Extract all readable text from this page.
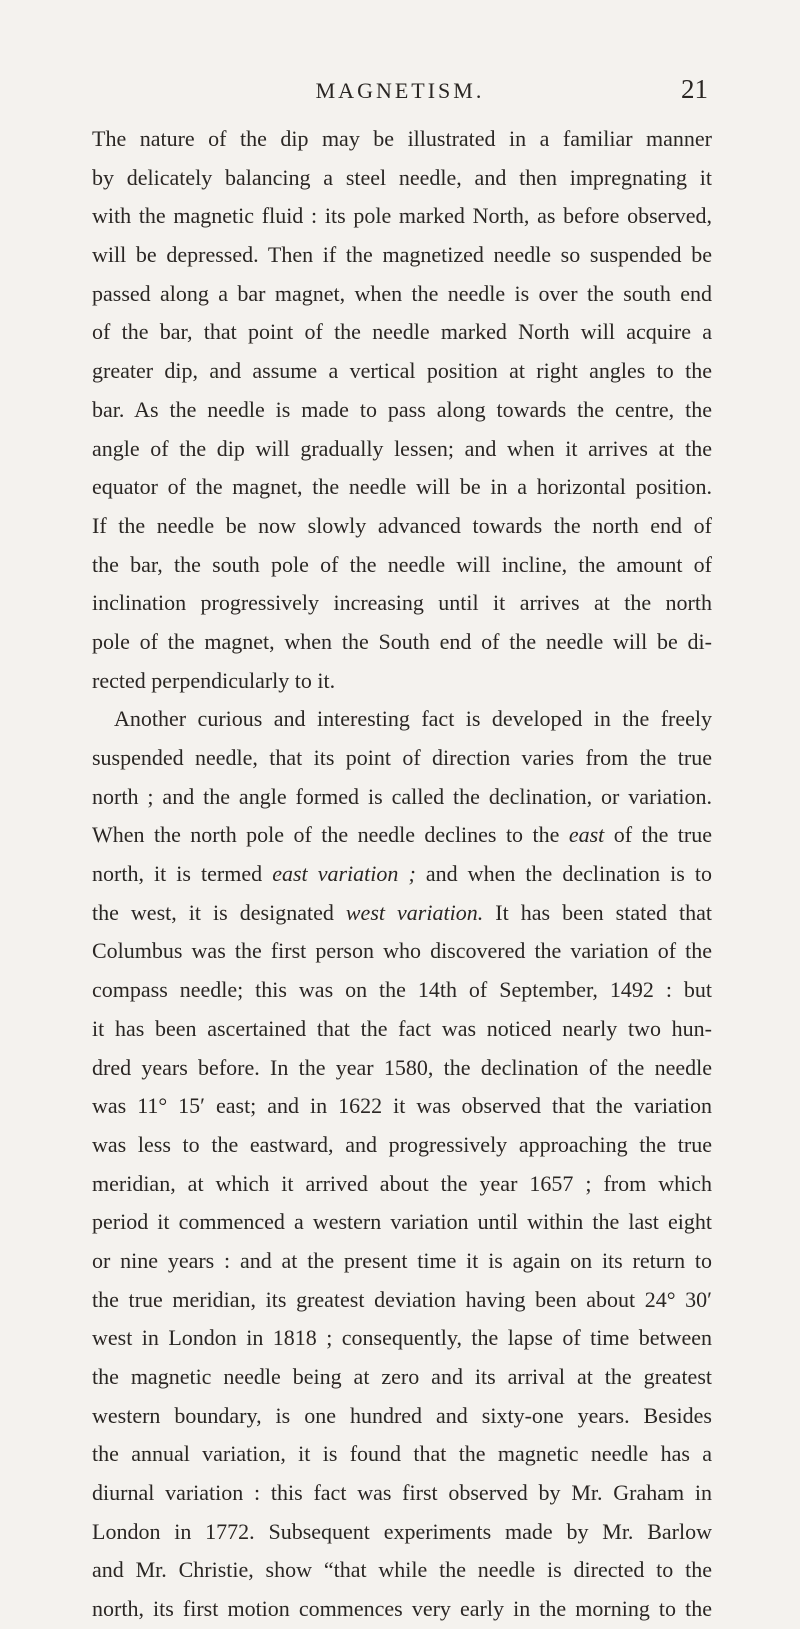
MAGNETISM.	21
The nature of the dip may be illustrated in a familiar manner
by delicately balancing a steel needle, and then impregnating it
with the magnetic fluid : its pole marked North, as before observed,
will be depressed. Then if the magnetized needle so suspended be
passed along a bar magnet, when the needle is over the south end
of the bar, that point of the needle marked North will acquire a
greater dip, and assume a vertical position at right angles to the
bar. As the needle is made to pass along towards the centre, the
angle of the dip will gradually lessen; and when it arrives at the
equator of the magnet, the needle will be in a horizontal position.
If the needle be now slowly advanced towards the north end of
the bar, the south pole of the needle will incline, the amount of
inclination progressively increasing until it arrives at the north
pole of the magnet, when the South end of the needle will be di-
rected perpendicularly to it.
Another curious and interesting fact is developed in the freely
suspended needle, that its point of direction varies from the true
north ; and the angle formed is called the declination, or variation.
When the north pole of the needle declines to the east of the true
north, it is termed east variation ; and when the declination is to
the west, it is designated west variation. It has been stated that
Columbus was the first person who discovered the variation of the
compass needle; this was on the 14th of September, 1492 : but
it has been ascertained that the fact was noticed nearly two hun-
dred years before. In the year 1580, the declination of the needle
was 11° 15′ east; and in 1622 it was observed that the variation
was less to the eastward, and progressively approaching the true
meridian, at which it arrived about the year 1657 ; from which
period it commenced a western variation until within the last eight
or nine years : and at the present time it is again on its return to
the true meridian, its greatest deviation having been about 24° 30′
west in London in 1818 ; consequently, the lapse of time between
the magnetic needle being at zero and its arrival at the greatest
western boundary, is one hundred and sixty-one years. Besides
the annual variation, it is found that the magnetic needle has a
diurnal variation : this fact was first observed by Mr. Graham in
London in 1772. Subsequent experiments made by Mr. Barlow
and Mr. Christie, show “that while the needle is directed to the
north, its first motion commences very early in the morning to the
